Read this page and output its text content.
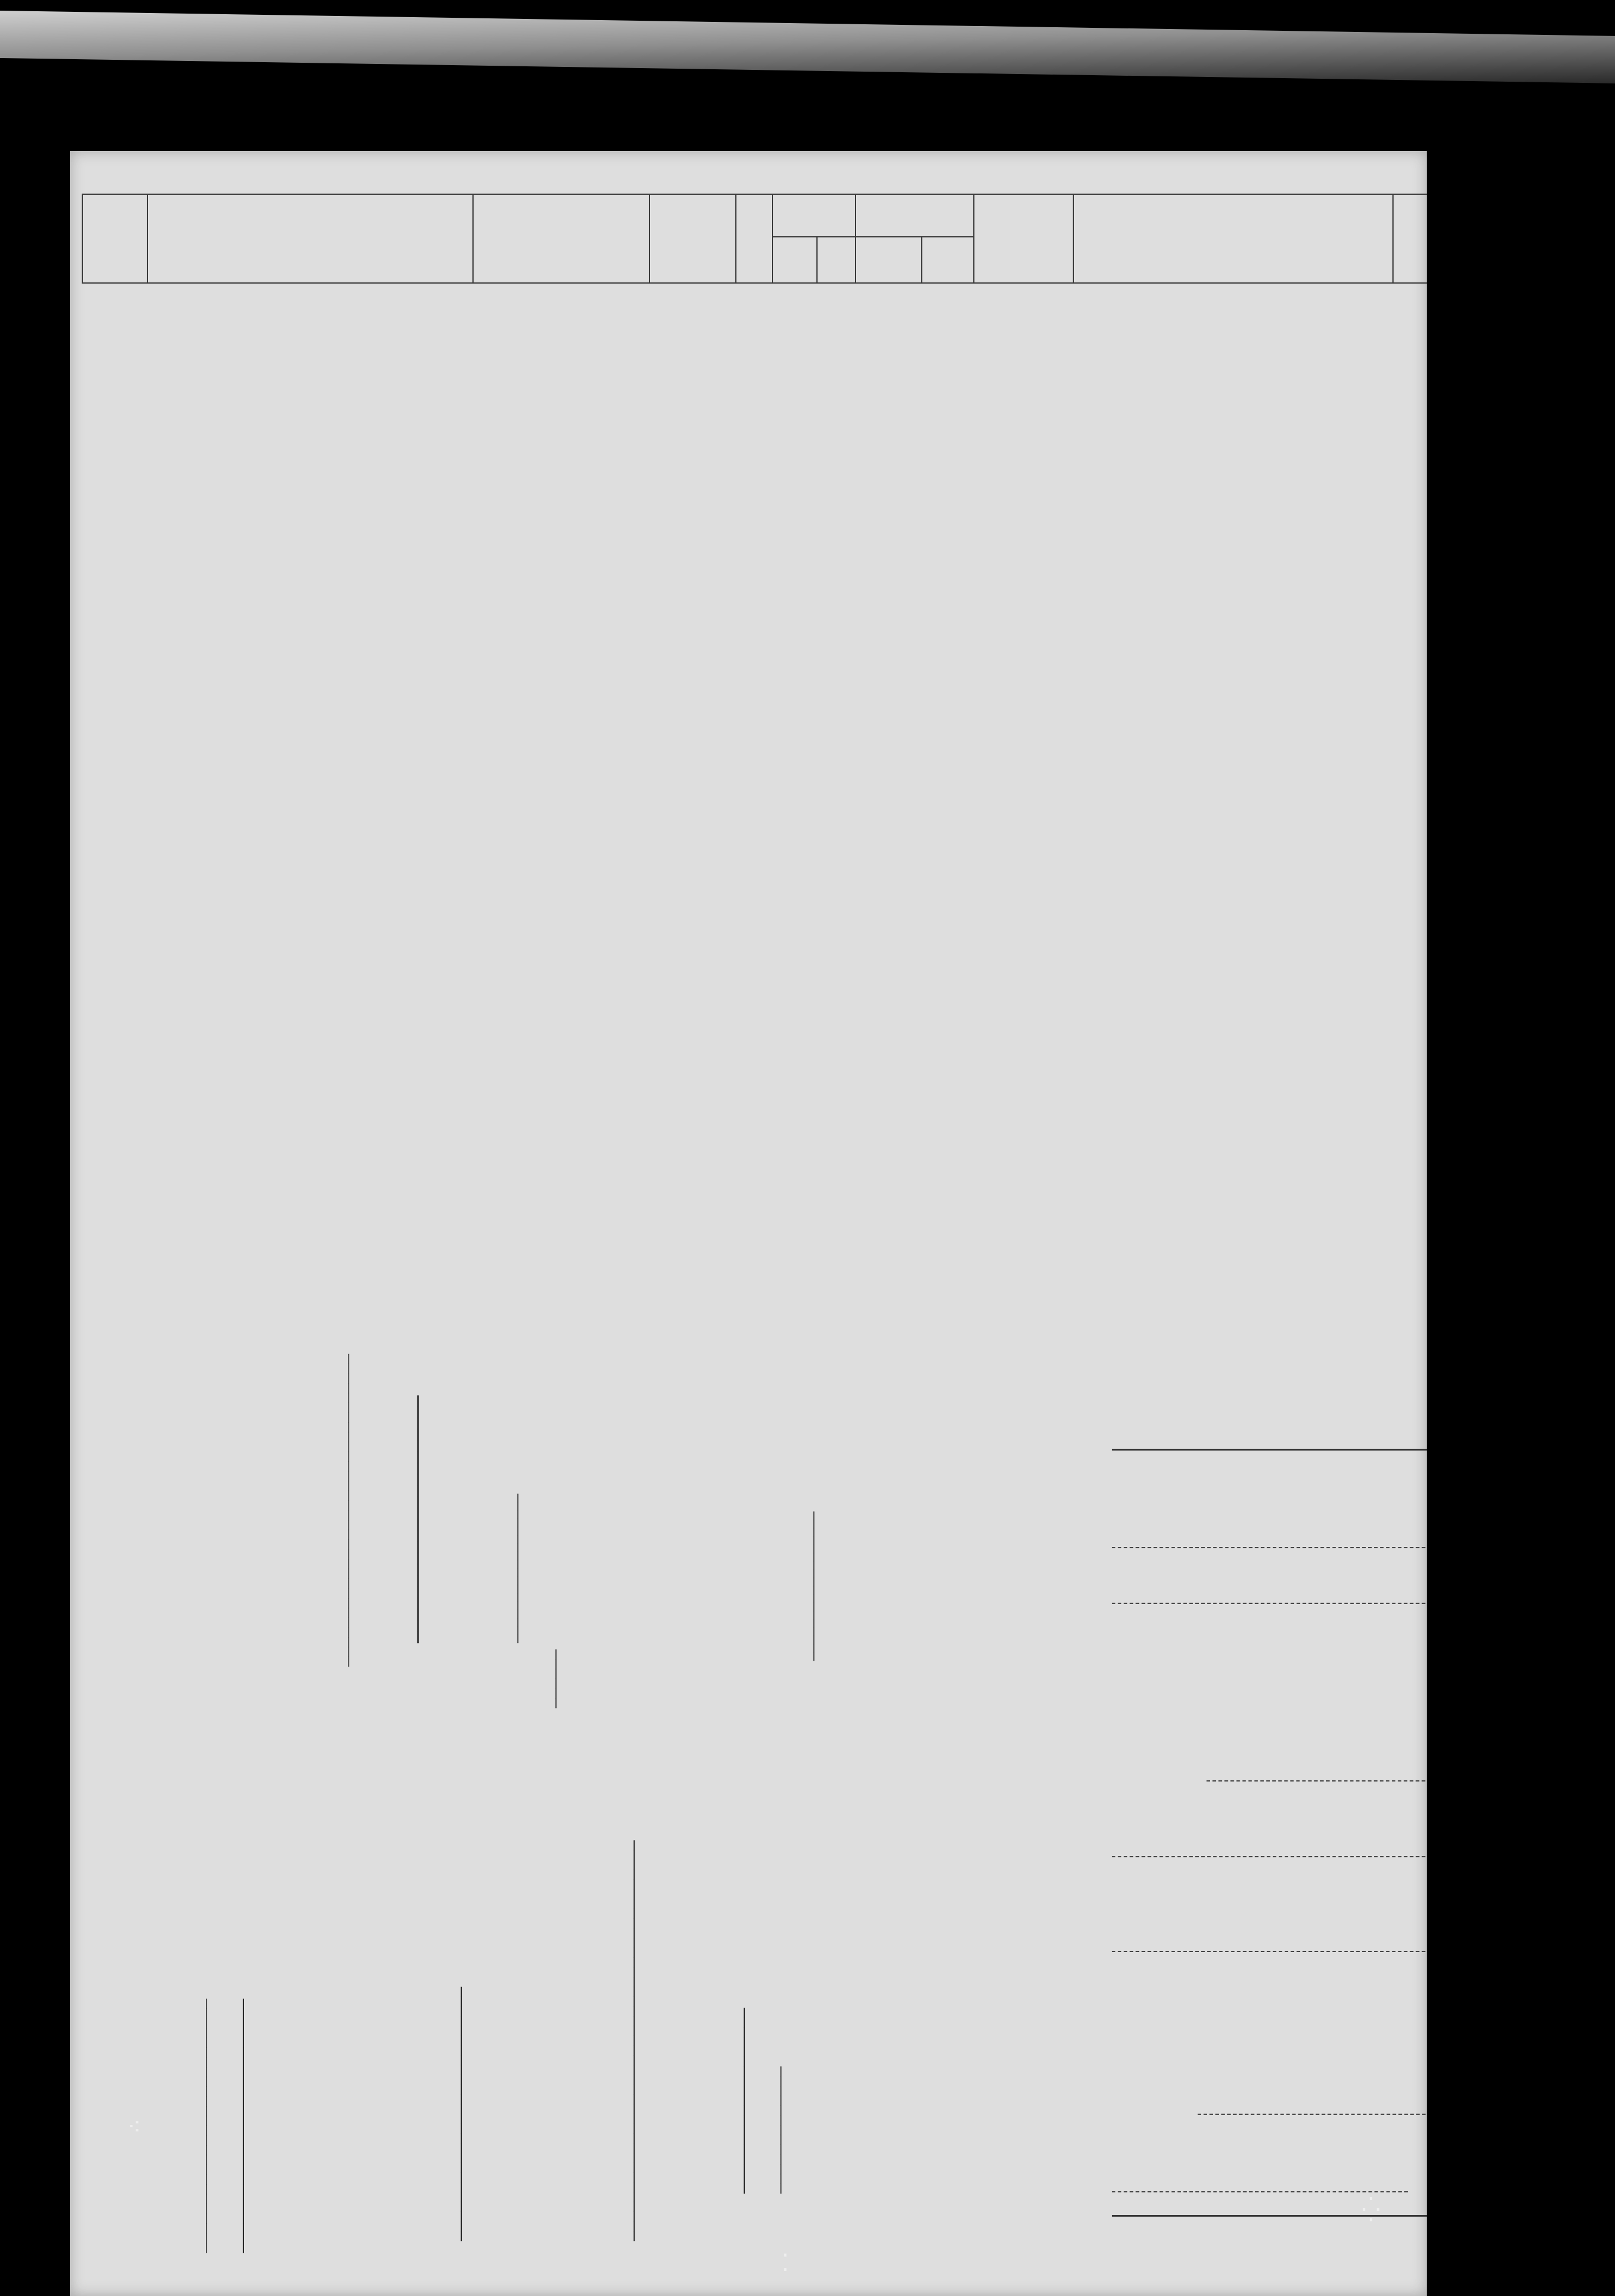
__________________________ __________________________
________________________________ ______________________
__________________________
__________________
______
_________________________________________
___________________ _____________
__________________
⁖
⁚
⁛
